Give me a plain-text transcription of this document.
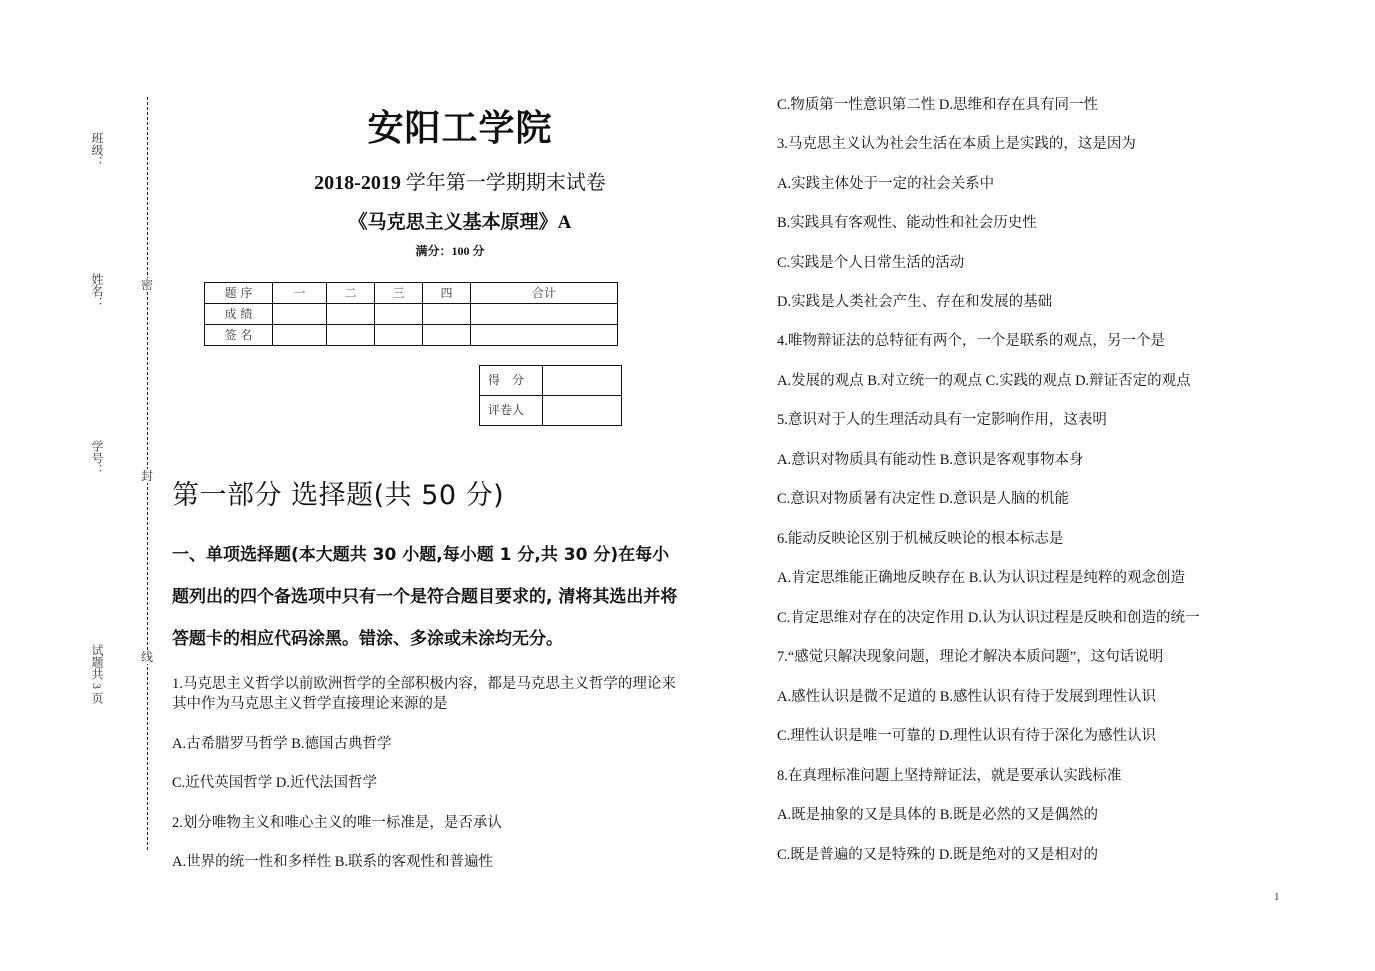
班级：
姓名：
学号：
试题共 3 页
密
封
线
安阳工学院
2018-2019 学年第一学期期末试卷
《马克思主义基本原理》A
满分：100 分
题 序	一	二	三	四	合计
成 绩					
签 名					
得　分	
评卷人	
第一部分 选择题(共 50 分)
一、单项选择题(本大题共 30 小题,每小题 1 分,共 30 分)在每小题列出的四个备选项中只有一个是符合题目要求的, 清将其选出并将答题卡的相应代码涂黑。错涂、多涂或未涂均无分。
1.马克思主义哲学以前欧洲哲学的全部积极内容，都是马克思主义哲学的理论来其中作为马克思主义哲学直接理论来源的是
A.古希腊罗马哲学 B.德国古典哲学
C.近代英国哲学 D.近代法国哲学
2.划分唯物主义和唯心主义的唯一标准是，是否承认
A.世界的统一性和多样性 B.联系的客观性和普遍性
C.物质第一性意识第二性 D.思维和存在具有同一性
3.马克思主义认为社会生活在本质上是实践的，这是因为
A.实践主体处于一定的社会关系中
B.实践具有客观性、能动性和社会历史性
C.实践是个人日常生活的活动
D.实践是人类社会产生、存在和发展的基础
4.唯物辩证法的总特征有两个，一个是联系的观点，另一个是
A.发展的观点 B.对立统一的观点 C.实践的观点 D.辩证否定的观点
5.意识对于人的生理活动具有一定影响作用，这表明
A.意识对物质具有能动性 B.意识是客观事物本身
C.意识对物质暑有决定性 D.意识是人脑的机能
6.能动反映论区别于机械反映论的根本标志是
A.肯定思维能正确地反映存在 B.认为认识过程是纯粹的观念创造
C.肯定思维对存在的决定作用 D.认为认识过程是反映和创造的统一
7.“感觉只解决现象问题，理论才解决本质问题”，这句话说明
A.感性认识是微不足道的 B.感性认识有待于发展到理性认识
C.理性认识是唯一可靠的 D.理性认识有待于深化为感性认识
8.在真理标准问题上坚持辩证法，就是要承认实践标准
A.既是抽象的又是具体的 B.既是必然的又是偶然的
C.既是普遍的又是特殊的 D.既是绝对的又是相对的
1
